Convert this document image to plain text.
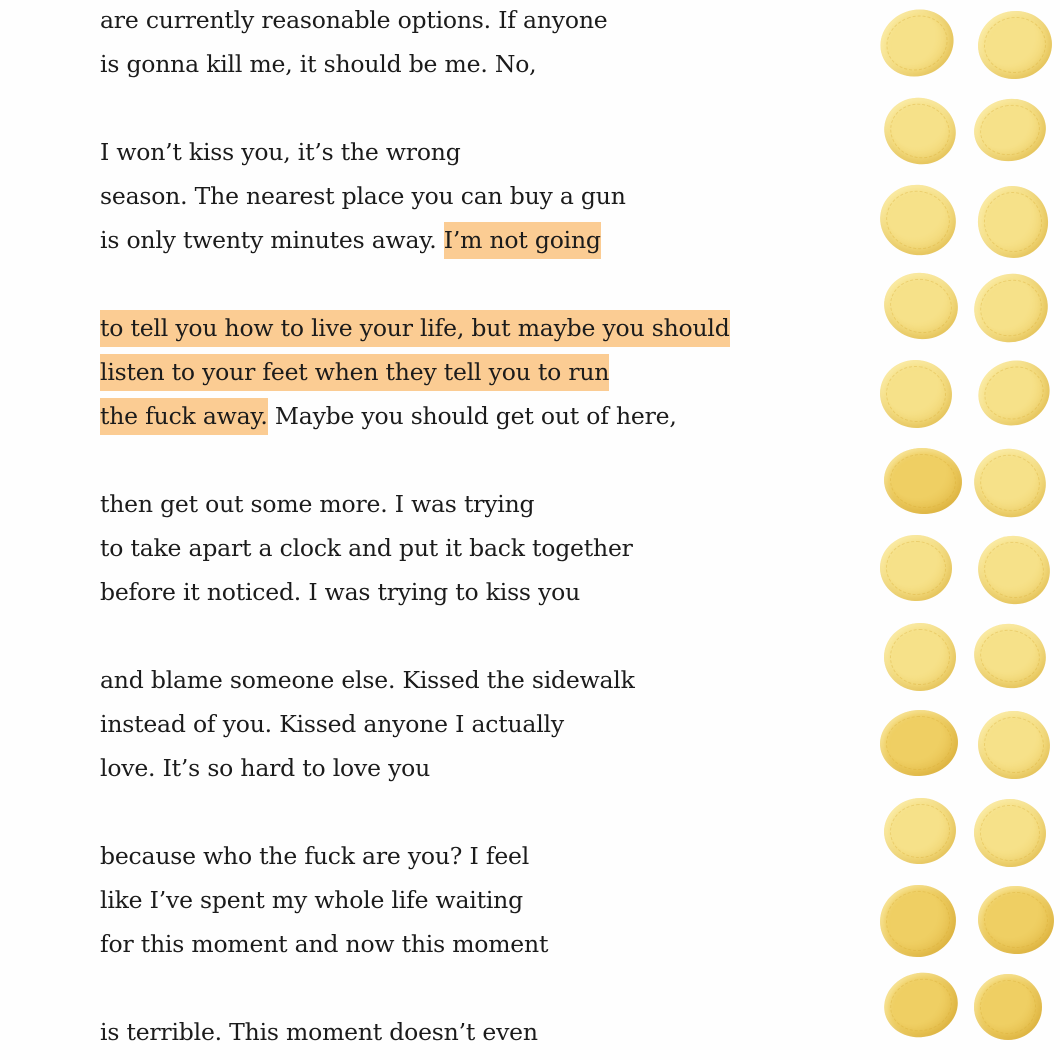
are currently reasonable options. If anyone
is gonna kill me, it should be me. No,
I won’t kiss you, it’s the wrong
season. The nearest place you can buy a gun
is only twenty minutes away. I’m not going
to tell you how to live your life, but maybe you should
listen to your feet when they tell you to run
the fuck away. Maybe you should get out of here,
then get out some more. I was trying
to take apart a clock and put it back together
before it noticed. I was trying to kiss you
and blame someone else. Kissed the sidewalk
instead of you. Kissed anyone I actually
love. It’s so hard to love you
because who the fuck are you? I feel
like I’ve spent my whole life waiting
for this moment and now this moment
is terrible. This moment doesn’t even
